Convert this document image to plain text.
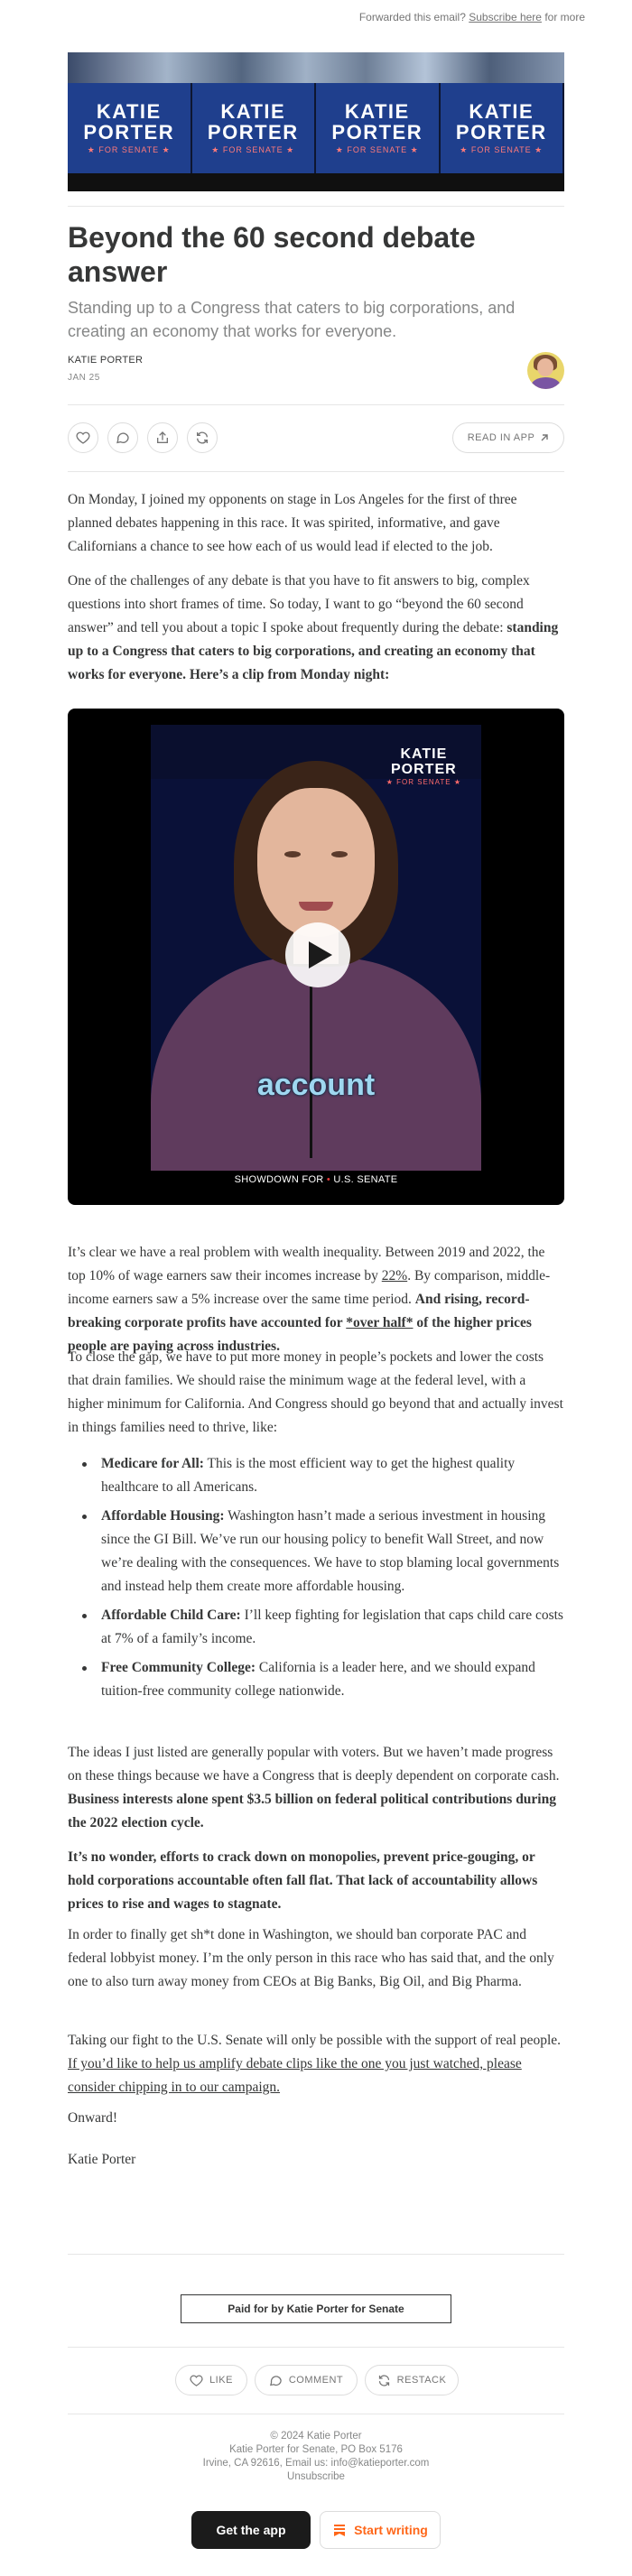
Forwarded this email? Subscribe here for more
KATIE
PORTER
★ FOR SENATE ★
KATIE
PORTER
★ FOR SENATE ★
KATIE
PORTER
★ FOR SENATE ★
KATIE
PORTER
★ FOR SENATE ★
Beyond the 60 second debate answer
Standing up to a Congress that caters to big corporations, and creating an economy that works for everyone.
KATIE PORTER
JAN 25
READ IN APP

On Monday, I joined my opponents on stage in Los Angeles for the first of three planned debates happening in this race. It was spirited, informative, and gave Californians a chance to see how each of us would lead if elected to the job.

One of the challenges of any debate is that you have to fit answers to big, complex questions into short frames of time. So today, I want to go “beyond the 60 second answer” and tell you about a topic I spoke about frequently during the debate: standing up to a Congress that caters to big corporations, and creating an economy that works for everyone. Here’s a clip from Monday night:

KATIE
PORTER
★ FOR SENATE ★
account
SHOWDOWN FOR • U.S. SENATE

It’s clear we have a real problem with wealth inequality. Between 2019 and 2022, the top 10% of wage earners saw their incomes increase by 22%. By comparison, middle-income earners saw a 5% increase over the same time period. And rising, record-breaking corporate profits have accounted for *over half* of the higher prices people are paying across industries.

To close the gap, we have to put more money in people’s pockets and lower the costs that drain families. We should raise the minimum wage at the federal level, with a higher minimum for California. And Congress should go beyond that and actually invest in things families need to thrive, like:

Medicare for All: This is the most efficient way to get the highest quality healthcare to all Americans.
Affordable Housing: Washington hasn’t made a serious investment in housing since the GI Bill. We’ve run our housing policy to benefit Wall Street, and now we’re dealing with the consequences. We have to stop blaming local governments and instead help them create more affordable housing.
Affordable Child Care: I’ll keep fighting for legislation that caps child care costs at 7% of a family’s income.
Free Community College: California is a leader here, and we should expand tuition-free community college nationwide.

The ideas I just listed are generally popular with voters. But we haven’t made progress on these things because we have a Congress that is deeply dependent on corporate cash. Business interests alone spent $3.5 billion on federal political contributions during the 2022 election cycle.

It’s no wonder, efforts to crack down on monopolies, prevent price-gouging, or hold corporations accountable often fall flat. That lack of accountability allows prices to rise and wages to stagnate.

In order to finally get sh*t done in Washington, we should ban corporate PAC and federal lobbyist money. I’m the only person in this race who has said that, and the only one to also turn away money from CEOs at Big Banks, Big Oil, and Big Pharma.

Taking our fight to the U.S. Senate will only be possible with the support of real people. If you’d like to help us amplify debate clips like the one you just watched, please consider chipping in to our campaign.

Onward!

Katie Porter

Paid for by Katie Porter for Senate
LIKE	COMMENT	RESTACK
© 2024 Katie Porter
Katie Porter for Senate, PO Box 5176
Irvine, CA 92616, Email us: info@katieporter.com
Unsubscribe
Get the app	Start writing
